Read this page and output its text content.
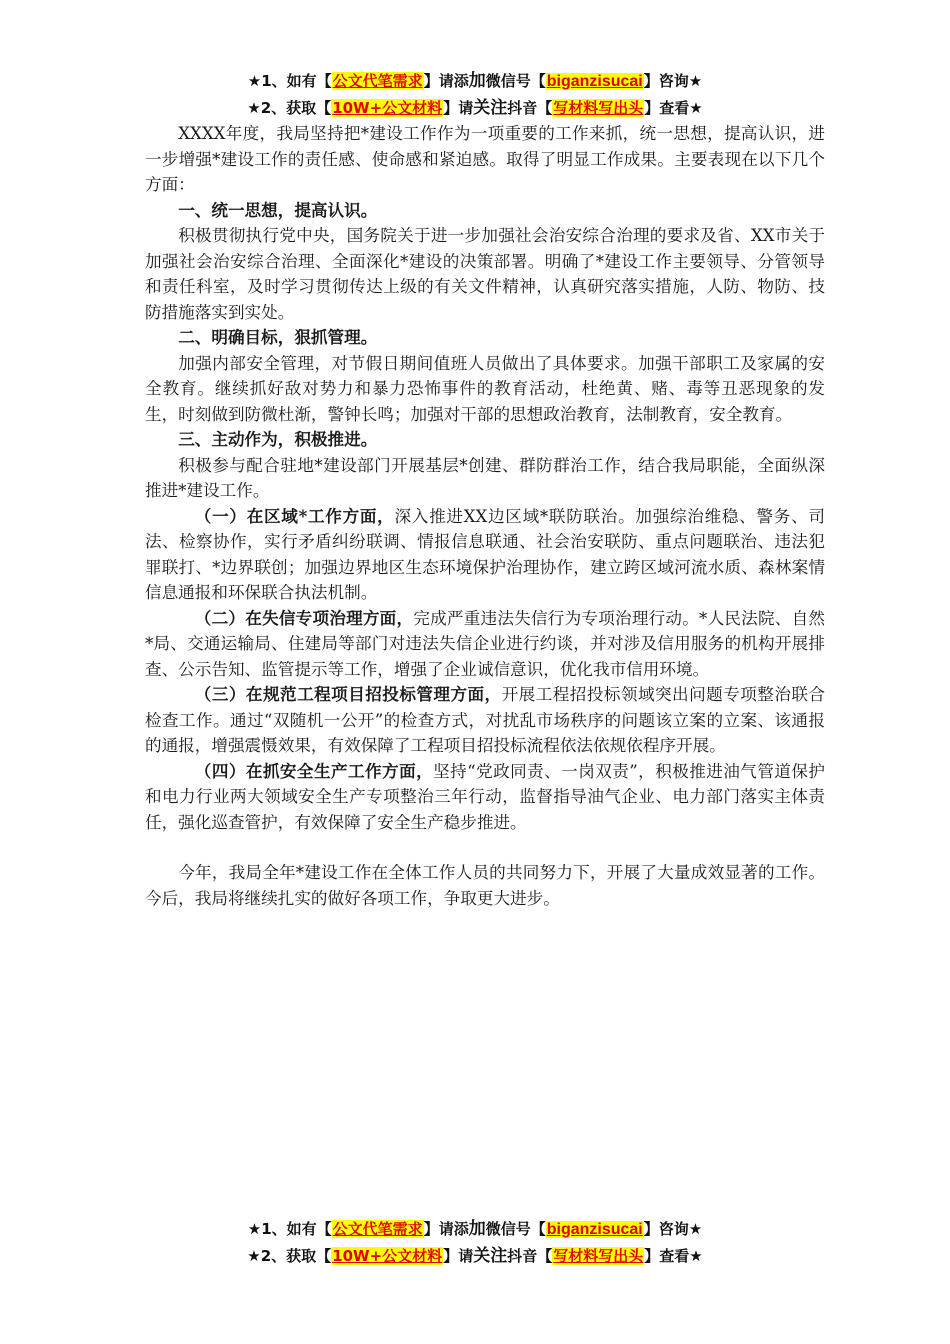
★1、如有【公文代笔需求】请添加微信号【biganzisucai】咨询★
★2、获取【10W+公文材料】请关注抖音【写材料写出头】查看★

XXXX年度，我局坚持把*建设工作作为一项重要的工作来抓，统一思想，提高认识，进一步增强*建设工作的责任感、使命感和紧迫感。取得了明显工作成果。主要表现在以下几个方面：

一、统一思想，提高认识。

积极贯彻执行党中央，国务院关于进一步加强社会治安综合治理的要求及省、XX市关于加强社会治安综合治理、全面深化*建设的决策部署。明确了*建设工作主要领导、分管领导和责任科室，及时学习贯彻传达上级的有关文件精神，认真研究落实措施，人防、物防、技防措施落实到实处。

二、明确目标，狠抓管理。

加强内部安全管理，对节假日期间值班人员做出了具体要求。加强干部职工及家属的安全教育。继续抓好敌对势力和暴力恐怖事件的教育活动，杜绝黄、赌、毒等丑恶现象的发生，时刻做到防微杜渐，警钟长鸣；加强对干部的思想政治教育，法制教育，安全教育。

三、主动作为，积极推进。

积极参与配合驻地*建设部门开展基层*创建、群防群治工作，结合我局职能，全面纵深推进*建设工作。

（一）在区域*工作方面，深入推进XX边区域*联防联治。加强综治维稳、警务、司法、检察协作，实行矛盾纠纷联调、情报信息联通、社会治安联防、重点问题联治、违法犯罪联打、*边界联创；加强边界地区生态环境保护治理协作，建立跨区域河流水质、森林案情信息通报和环保联合执法机制。

（二）在失信专项治理方面，完成严重违法失信行为专项治理行动。*人民法院、自然*局、交通运输局、住建局等部门对违法失信企业进行约谈，并对涉及信用服务的机构开展排查、公示告知、监管提示等工作，增强了企业诚信意识，优化我市信用环境。

（三）在规范工程项目招投标管理方面，开展工程招投标领域突出问题专项整治联合检查工作。通过“双随机一公开”的检查方式，对扰乱市场秩序的问题该立案的立案、该通报的通报，增强震慑效果，有效保障了工程项目招投标流程依法依规依程序开展。

（四）在抓安全生产工作方面，坚持“党政同责、一岗双责”，积极推进油气管道保护和电力行业两大领域安全生产专项整治三年行动，监督指导油气企业、电力部门落实主体责任，强化巡查管护，有效保障了安全生产稳步推进。

今年，我局全年*建设工作在全体工作人员的共同努力下，开展了大量成效显著的工作。今后，我局将继续扎实的做好各项工作，争取更大进步。

★1、如有【公文代笔需求】请添加微信号【biganzisucai】咨询★
★2、获取【10W+公文材料】请关注抖音【写材料写出头】查看★
